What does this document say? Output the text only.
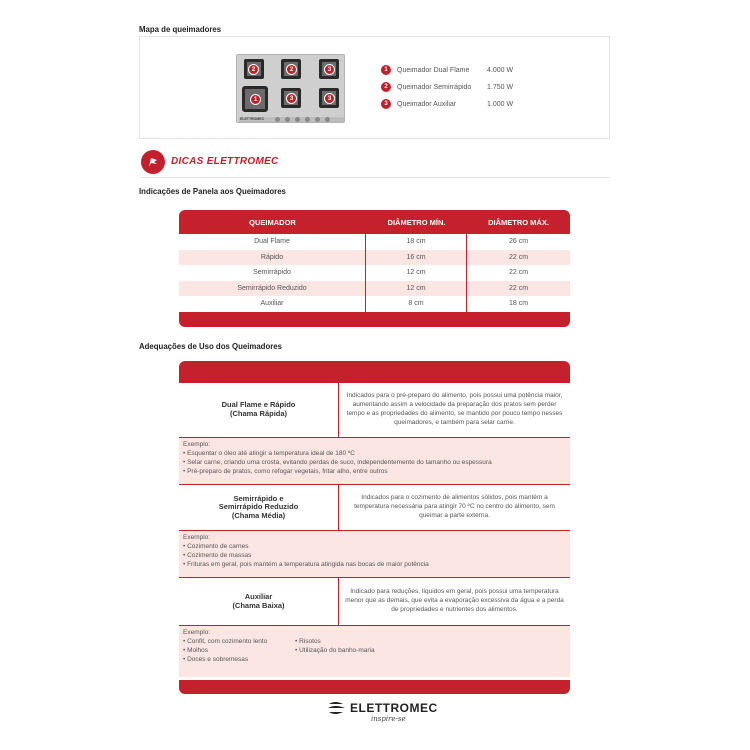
Mapa de queimadores
2	2	3
1	3	3
ELETTROMEC
1	Queimador Dual Flame	4.000 W
2	Queimador Semirrápido	1.750 W
3	Queimador Auxiliar	1.000 W
DICAS ELETTROMEC
Indicações de Panela aos Queimadores
QUEIMADOR	DIÂMETRO MÍN.	DIÂMETRO MÁX.
Dual Flame	18 cm	26 cm
Rápido	16 cm	22 cm
Semirrápido	12 cm	22 cm
Semirrápido Reduzido	12 cm	22 cm
Auxiliar	8 cm	18 cm
Adequações de Uso dos Queimadores
Dual Flame e Rápido
(Chama Rápida)
Indicados para o pré-preparo do alimento, pois possui uma potência maior, aumentando assim a velocidade da preparação dos pratos sem perder tempo e as propriedades do alimento, se mantido por pouco tempo nesses queimadores, e também para selar carne.
Exemplo:
• Esquentar o óleo até atingir a temperatura ideal de 180 ºC
• Selar carne, criando uma crosta, evitando perdas de suco, independentemente do tamanho ou espessura
• Pré-preparo de pratos, como refogar vegetais, fritar alho, entre outros
Semirrápido e
Semirrápido Reduzido
(Chama Média)
Indicados para o cozimento de alimentos sólidos, pois mantém a temperatura necessária para atingir 70 ºC no centro do alimento, sem queimar a parte externa.
Exemplo:
• Cozimento de carnes
• Cozimento de massas
• Frituras em geral, pois mantém a temperatura atingida nas bocas de maior potência
Auxiliar
(Chama Baixa)
Indicado para reduções, líquidos em geral, pois possui uma temperatura menor que as demais, que evita a evaporação excessiva da água e a perda de propriedades e nutrientes dos alimentos.
Exemplo:
• Confit, com cozimento lento
• Molhos
• Doces e sobremesas
• Risotos
• Utilização do banho-maria
ELETTROMEC
inspire-se
